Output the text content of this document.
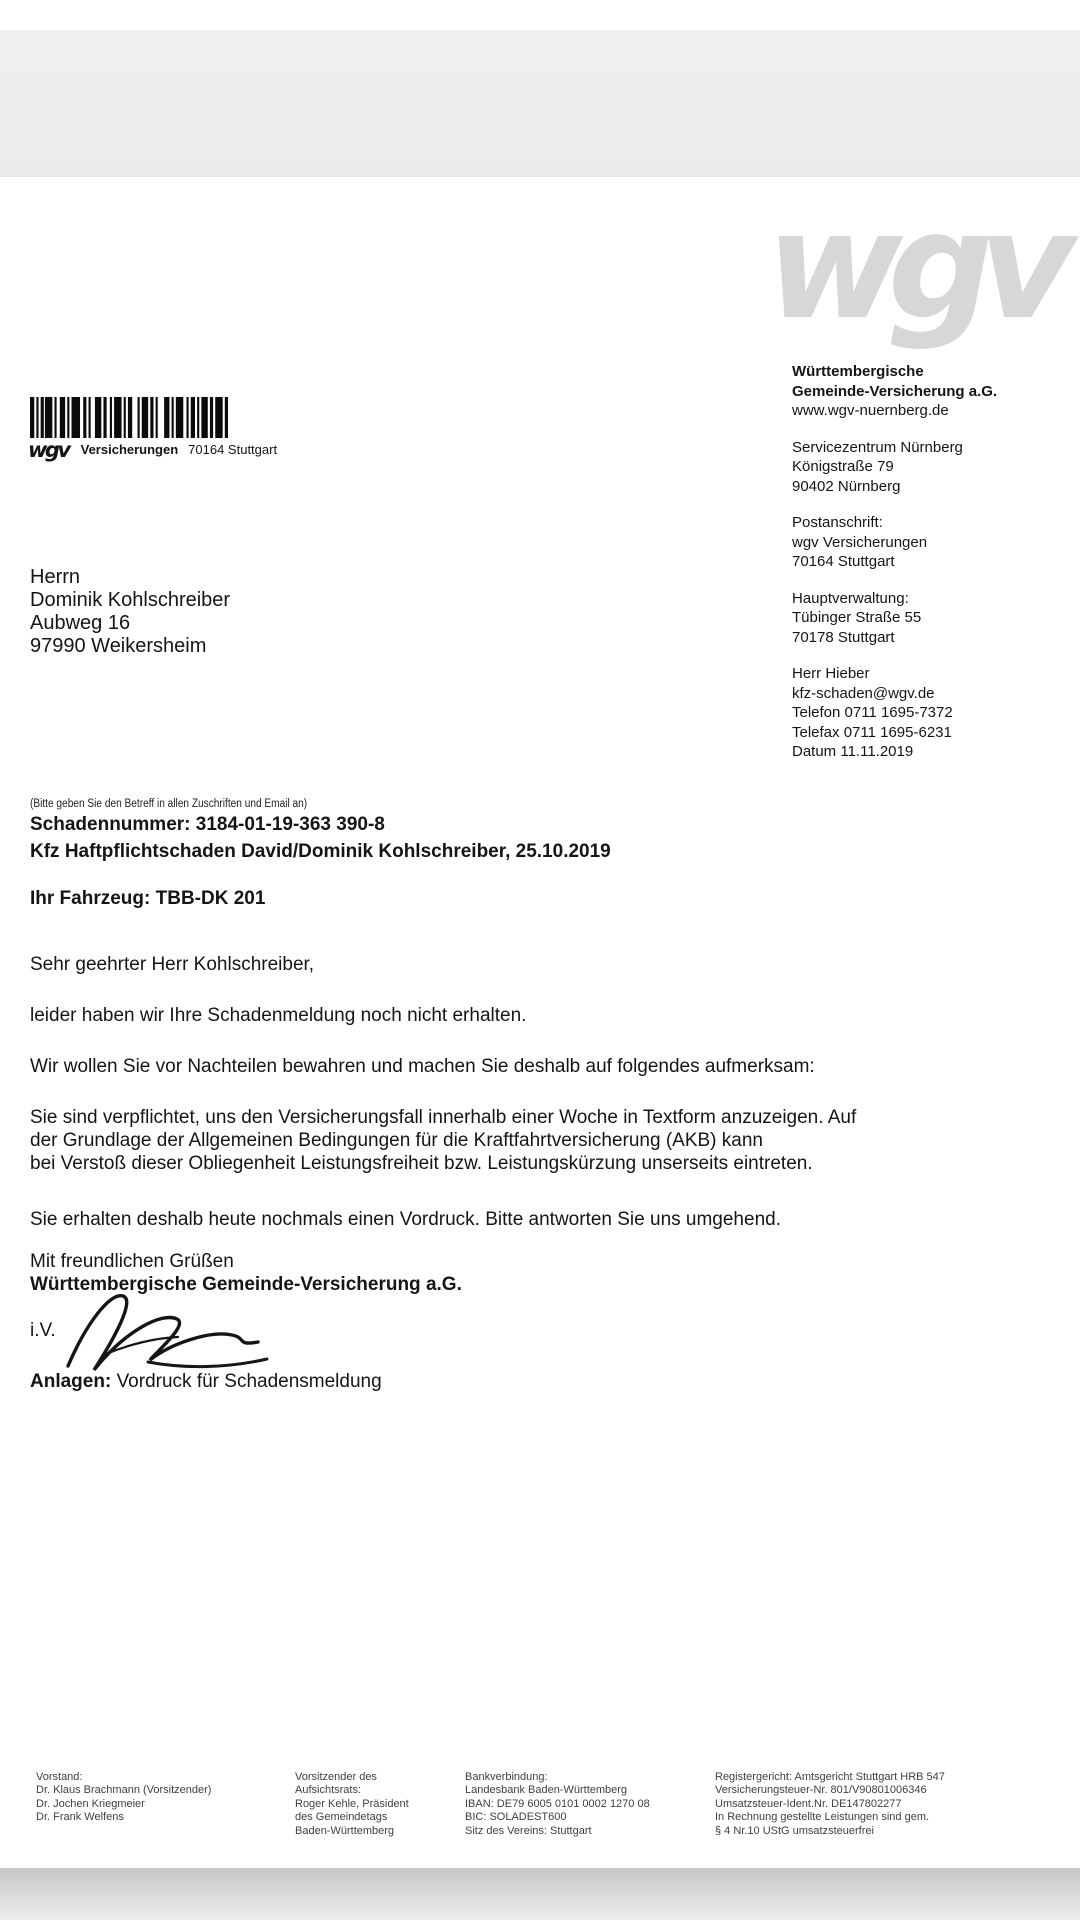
wgv
Württembergische
Gemeinde-Versicherung a.G.
www.wgv-nuernberg.de
Servicezentrum Nürnberg
Königstraße 79
90402 Nürnberg
Postanschrift:
wgv Versicherungen
70164 Stuttgart
Hauptverwaltung:
Tübinger Straße 55
70178 Stuttgart
Herr Hieber
kfz-schaden@wgv.de
Telefon 0711 1695-7372
Telefax 0711 1695-6231
Datum 11.11.2019
wgv Versicherungen 70164 Stuttgart
Herrn
Dominik Kohlschreiber
Aubweg 16
97990 Weikersheim
(Bitte geben Sie den Betreff in allen Zuschriften und Email an)
Schadennummer: 3184-01-19-363 390-8
Kfz Haftpflichtschaden David/Dominik Kohlschreiber, 25.10.2019
Ihr Fahrzeug: TBB-DK 201
Sehr geehrter Herr Kohlschreiber,
leider haben wir Ihre Schadenmeldung noch nicht erhalten.
Wir wollen Sie vor Nachteilen bewahren und machen Sie deshalb auf folgendes aufmerksam:
Sie sind verpflichtet, uns den Versicherungsfall innerhalb einer Woche in Textform anzuzeigen. Auf
der Grundlage der Allgemeinen Bedingungen für die Kraftfahrtversicherung (AKB) kann
bei Verstoß dieser Obliegenheit Leistungsfreiheit bzw. Leistungskürzung unserseits eintreten.
Sie erhalten deshalb heute nochmals einen Vordruck. Bitte antworten Sie uns umgehend.
Mit freundlichen Grüßen
Württembergische Gemeinde-Versicherung a.G.
i.V.
Anlagen: Vordruck für Schadensmeldung
Vorstand:
Dr. Klaus Brachmann (Vorsitzender)
Dr. Jochen Kriegmeier
Dr. Frank Welfens
Vorsitzender des
Aufsichtsrats:
Roger Kehle, Präsident
des Gemeindetags
Baden-Württemberg
Bankverbindung:
Landesbank Baden-Württemberg
IBAN: DE79 6005 0101 0002 1270 08
BIC: SOLADEST600
Sitz des Vereins: Stuttgart
Registergericht: Amtsgericht Stuttgart HRB 547
Versicherungsteuer-Nr. 801/V90801006346
Umsatzsteuer-Ident.Nr. DE147802277
In Rechnung gestellte Leistungen sind gem.
§ 4 Nr.10 UStG umsatzsteuerfrei
